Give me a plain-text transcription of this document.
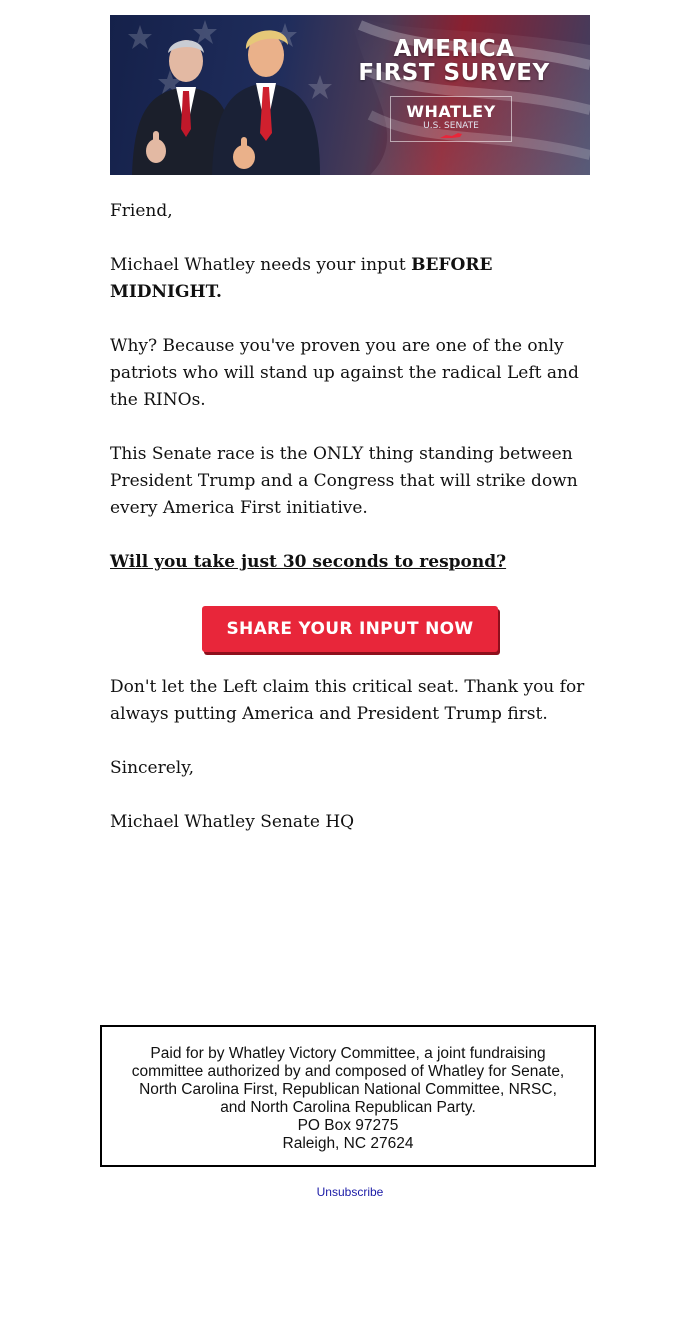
AMERICA
FIRST SURVEY
WHATLEY
U.S. SENATE

Friend,

Michael Whatley needs your input BEFORE MIDNIGHT.

Why? Because you've proven you are one of the only patriots who will stand up against the radical Left and the RINOs.

This Senate race is the ONLY thing standing between President Trump and a Congress that will strike down every America First initiative.

Will you take just 30 seconds to respond?

SHARE YOUR INPUT NOW

Don't let the Left claim this critical seat. Thank you for always putting America and President Trump first.

Sincerely,

Michael Whatley Senate HQ

Paid for by Whatley Victory Committee, a joint fundraising
committee authorized by and composed of Whatley for Senate,
North Carolina First, Republican National Committee, NRSC,
and North Carolina Republican Party.
PO Box 97275
Raleigh, NC 27624
Unsubscribe
